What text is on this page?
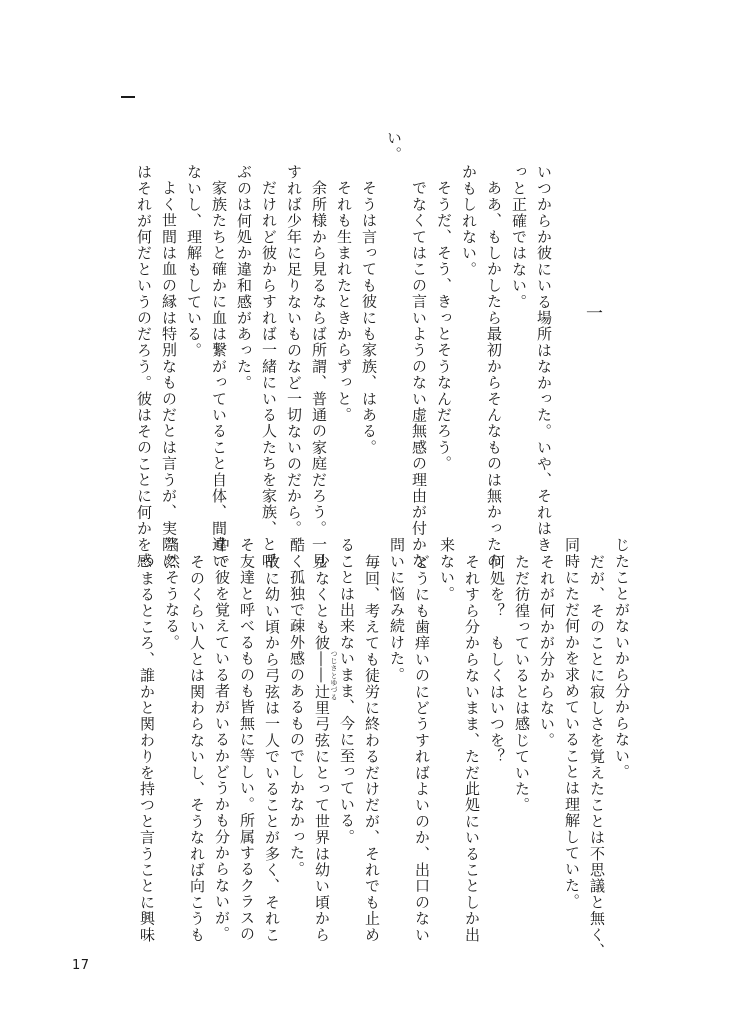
一
いつからか彼にいる場所はなかった。いや、それはき
っと正確ではない。
ああ、もしかしたら最初からそんなものは無かったの
かもしれない。
そうだ、そう、きっとそうなんだろう。
でなくてはこの言いようのない虚無感の理由が付かな
い。
そうは言っても彼にも家族、はある。
それも生まれたときからずっと。
余所様から見るならば所謂、普通の家庭だろう。一見
すれば少年に足りないものなど一切ないのだから。
だけれど彼からすれば一緒にいる人たちを家族、と呼
ぶのは何処か違和感があった。
家族たちと確かに血は繋がっていること自体、間違い
ないし、理解もしている。
よく世間は血の縁は特別なものだとは言うが、実際に
はそれが何だというのだろう。彼はそのことに何かを感
じたことがないから分からない。
だが、そのことに寂しさを覚えたことは不思議と無く、
同時にただ何かを求めていることは理解していた。
それが何かが分からない。
ただ彷徨っているとは感じていた。
何処を？　もしくはいつを？
それすら分からないまま、ただ此処にいることしか出
来ない。
どうにも歯痒いのにどうすればよいのか、出口のない
問いに悩み続けた。
毎回、考えても徒労に終わるだけだが、それでも止め
ることは出来ないまま、今に至っている。
少なくとも彼――辻里弓弦にとって世界は幼い頃から
酷く孤独で疎外感のあるものでしかなかった。
故に幼い頃から弓弦は一人でいることが多く、それこ
そ友達と呼べるものも皆無に等しい。所属するクラスの
中で彼を覚えている者がいるかどうかも分からないが。
そのくらい人とは関わらないし、そうなれば向こうも
当然そうなる。
つまるところ、誰かと関わりを持つと言うことに興味	つじさとゆづる
17
